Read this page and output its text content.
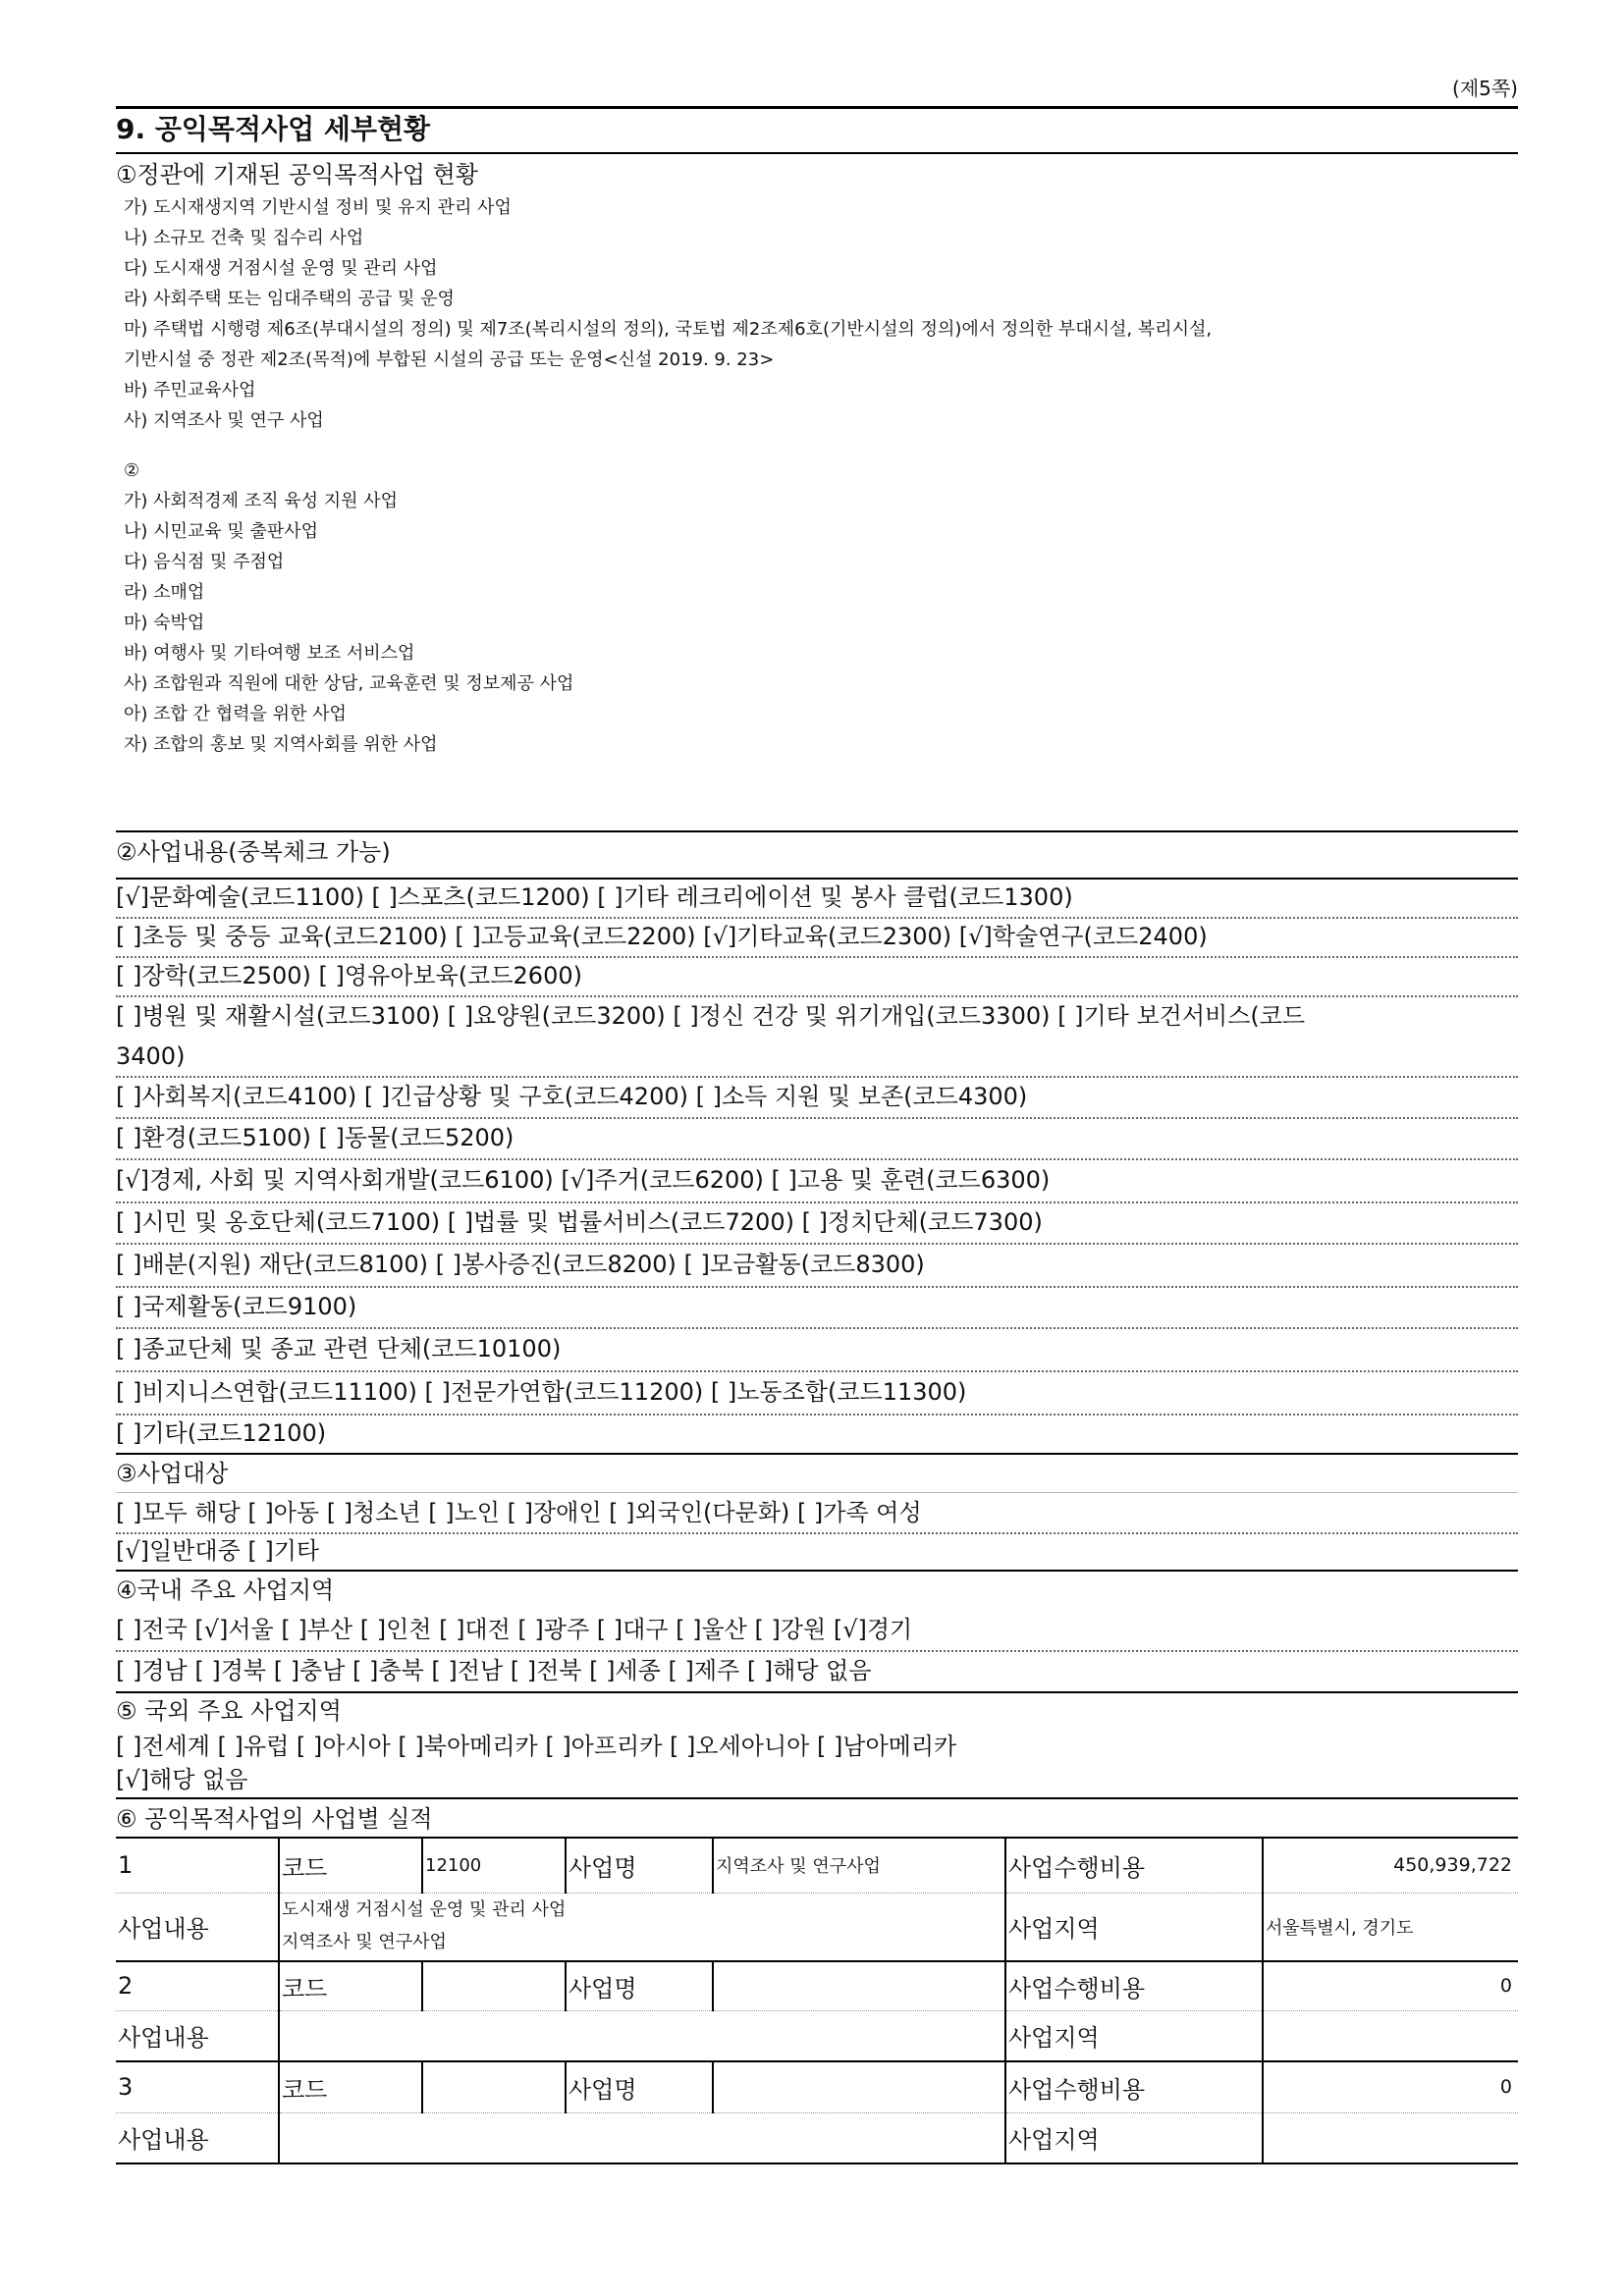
(제5쪽)
9. 공익목적사업 세부현황
①정관에 기재된 공익목적사업 현황
가) 도시재생지역 기반시설 정비 및 유지 관리 사업
나) 소규모 건축 및 집수리 사업
다) 도시재생 거점시설 운영 및 관리 사업
라) 사회주택 또는 임대주택의 공급 및 운영
마) 주택법 시행령 제6조(부대시설의 정의) 및 제7조(복리시설의 정의), 국토법 제2조제6호(기반시설의 정의)에서 정의한 부대시설, 복리시설,
기반시설 중 정관 제2조(목적)에 부합된 시설의 공급 또는 운영<신설 2019. 9. 23>
바) 주민교육사업
사) 지역조사 및 연구 사업
②
가) 사회적경제 조직 육성 지원 사업
나) 시민교육 및 출판사업
다) 음식점 및 주점업
라) 소매업
마) 숙박업
바) 여행사 및 기타여행 보조 서비스업
사) 조합원과 직원에 대한 상담, 교육훈련 및 정보제공 사업
아) 조합 간 협력을 위한 사업
자) 조합의 홍보 및 지역사회를 위한 사업
②사업내용(중복체크 가능)
[√]문화예술(코드1100) [ ]스포츠(코드1200) [ ]기타 레크리에이션 및 봉사 클럽(코드1300)
[ ]초등 및 중등 교육(코드2100) [ ]고등교육(코드2200) [√]기타교육(코드2300) [√]학술연구(코드2400)
[ ]장학(코드2500) [ ]영유아보육(코드2600)
[ ]병원 및 재활시설(코드3100) [ ]요양원(코드3200) [ ]정신 건강 및 위기개입(코드3300) [ ]기타 보건서비스(코드
3400)
[ ]사회복지(코드4100) [ ]긴급상황 및 구호(코드4200) [ ]소득 지원 및 보존(코드4300)
[ ]환경(코드5100) [ ]동물(코드5200)
[√]경제, 사회 및 지역사회개발(코드6100) [√]주거(코드6200) [ ]고용 및 훈련(코드6300)
[ ]시민 및 옹호단체(코드7100) [ ]법률 및 법률서비스(코드7200) [ ]정치단체(코드7300)
[ ]배분(지원) 재단(코드8100) [ ]봉사증진(코드8200) [ ]모금활동(코드8300)
[ ]국제활동(코드9100)
[ ]종교단체 및 종교 관련 단체(코드10100)
[ ]비지니스연합(코드11100) [ ]전문가연합(코드11200) [ ]노동조합(코드11300)
[ ]기타(코드12100)
③사업대상
[ ]모두 해당 [ ]아동 [ ]청소년 [ ]노인 [ ]장애인 [ ]외국인(다문화) [ ]가족 여성
[√]일반대중 [ ]기타
④국내 주요 사업지역
[ ]전국 [√]서울 [ ]부산 [ ]인천 [ ]대전 [ ]광주 [ ]대구 [ ]울산 [ ]강원 [√]경기
[ ]경남 [ ]경북 [ ]충남 [ ]충북 [ ]전남 [ ]전북 [ ]세종 [ ]제주 [ ]해당 없음
⑤ 국외 주요 사업지역
[ ]전세계 [ ]유럽 [ ]아시아 [ ]북아메리카 [ ]아프리카 [ ]오세아니아 [ ]남아메리카
[√]해당 없음
⑥ 공익목적사업의 사업별 실적
1	코드	12100	사업명	지역조사 및 연구사업	사업수행비용	450,939,722
사업내용	도시재생 거점시설 운영 및 관리 사업
지역조사 및 연구사업				사업지역	서울특별시, 경기도
2	코드		사업명		사업수행비용	0
사업내용					사업지역	
3	코드		사업명		사업수행비용	0
사업내용					사업지역	
